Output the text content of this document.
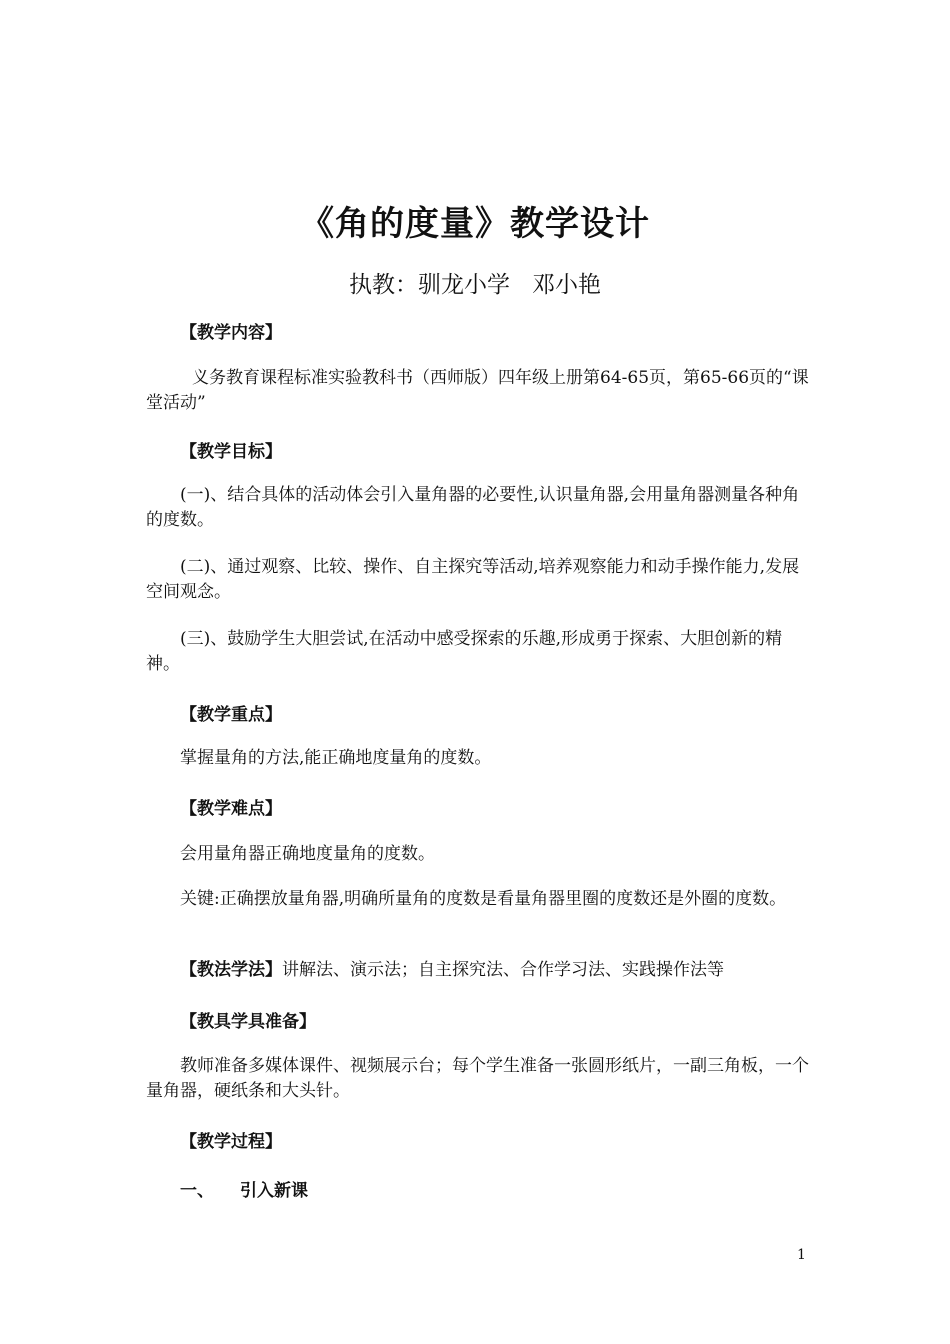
《角的度量》教学设计
执教：驯龙小学   邓小艳
【教学内容】
义务教育课程标准实验教科书（西师版）四年级上册第64-65页，第65-66页的“课堂活动”
【教学目标】
(一)、结合具体的活动体会引入量角器的必要性,认识量角器,会用量角器测量各种角的度数。
(二)、通过观察、比较、操作、自主探究等活动,培养观察能力和动手操作能力,发展空间观念。
(三)、鼓励学生大胆尝试,在活动中感受探索的乐趣,形成勇于探索、大胆创新的精神。
【教学重点】
掌握量角的方法,能正确地度量角的度数。
【教学难点】
会用量角器正确地度量角的度数。
关键:正确摆放量角器,明确所量角的度数是看量角器里圈的度数还是外圈的度数。
【教法学法】讲解法、演示法；自主探究法、合作学习法、实践操作法等
【教具学具准备】
教师准备多媒体课件、视频展示台；每个学生准备一张圆形纸片，一副三角板，一个量角器，硬纸条和大头针。
【教学过程】
一、 引入新课
1
